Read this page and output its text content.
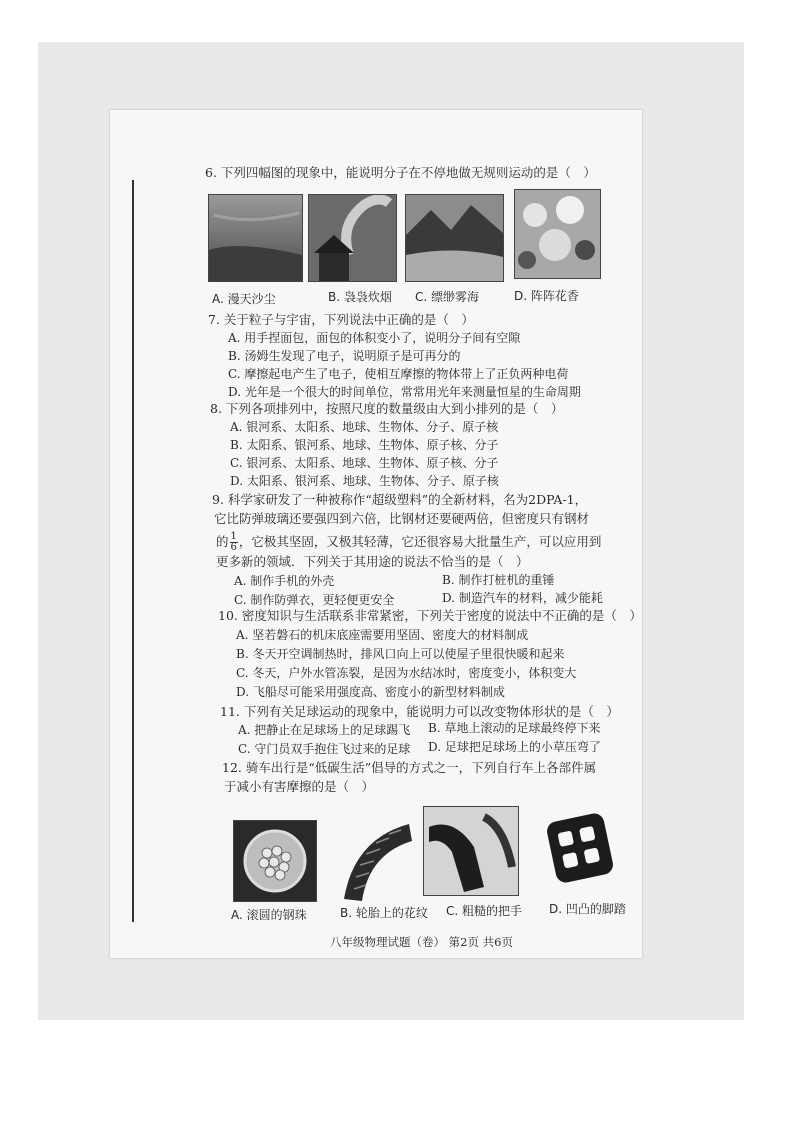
6. 下列四幅图的现象中，能说明分子在不停地做无规则运动的是（　）
A. 漫天沙尘	B. 袅袅炊烟 C. 缥缈雾海	D. 阵阵花香
7. 关于粒子与宇宙，下列说法中正确的是（　）
A. 用手捏面包，面包的体积变小了，说明分子间有空隙
B. 汤姆生发现了电子，说明原子是可再分的
C. 摩擦起电产生了电子，使相互摩擦的物体带上了正负两种电荷
D. 光年是一个很大的时间单位，常常用光年来测量恒星的生命周期
8. 下列各项排列中，按照尺度的数量级由大到小排列的是（　）
A. 银河系、太阳系、地球、生物体、分子、原子核
B. 太阳系、银河系、地球、生物体、原子核、分子
C. 银河系、太阳系、地球、生物体、原子核、分子
D. 太阳系、银河系、地球、生物体、分子、原子核
9. 科学家研发了一种被称作“超级塑料”的全新材料，名为2DPA-1，
它比防弹玻璃还要强四到六倍，比钢材还要硬两倍，但密度只有钢材
的 $\frac{1}{6}$ ，它极其坚固，又极其轻薄，它还很容易大批量生产，可以应用到
更多新的领域．下列关于其用途的说法不恰当的是（　）
A. 制作手机的外壳	B. 制作打桩机的重锤
C. 制作防弹衣，更轻便更安全	D. 制造汽车的材料，减少能耗
10. 密度知识与生活联系非常紧密，下列关于密度的说法中不正确的是（　）
A. 坚若磐石的机床底座需要用坚固、密度大的材料制成
B. 冬天开空调制热时，排风口向上可以使屋子里很快暖和起来
C. 冬天，户外水管冻裂，是因为水结冰时，密度变小，体积变大
D. 飞船尽可能采用强度高、密度小的新型材料制成
11. 下列有关足球运动的现象中，能说明力可以改变物体形状的是（　）
A. 把静止在足球场上的足球踢飞 B. 草地上滚动的足球最终停下来
C. 守门员双手抱住飞过来的足球 D. 足球把足球场上的小草压弯了
12. 骑车出行是“低碳生活”倡导的方式之一，下列自行车上各部件属
于减小有害摩擦的是（　）
A. 滚圆的钢珠	B. 轮胎上的花纹 C. 粗糙的把手 D. 凹凸的脚踏
八年级物理试题（卷） 第2页 共6页
